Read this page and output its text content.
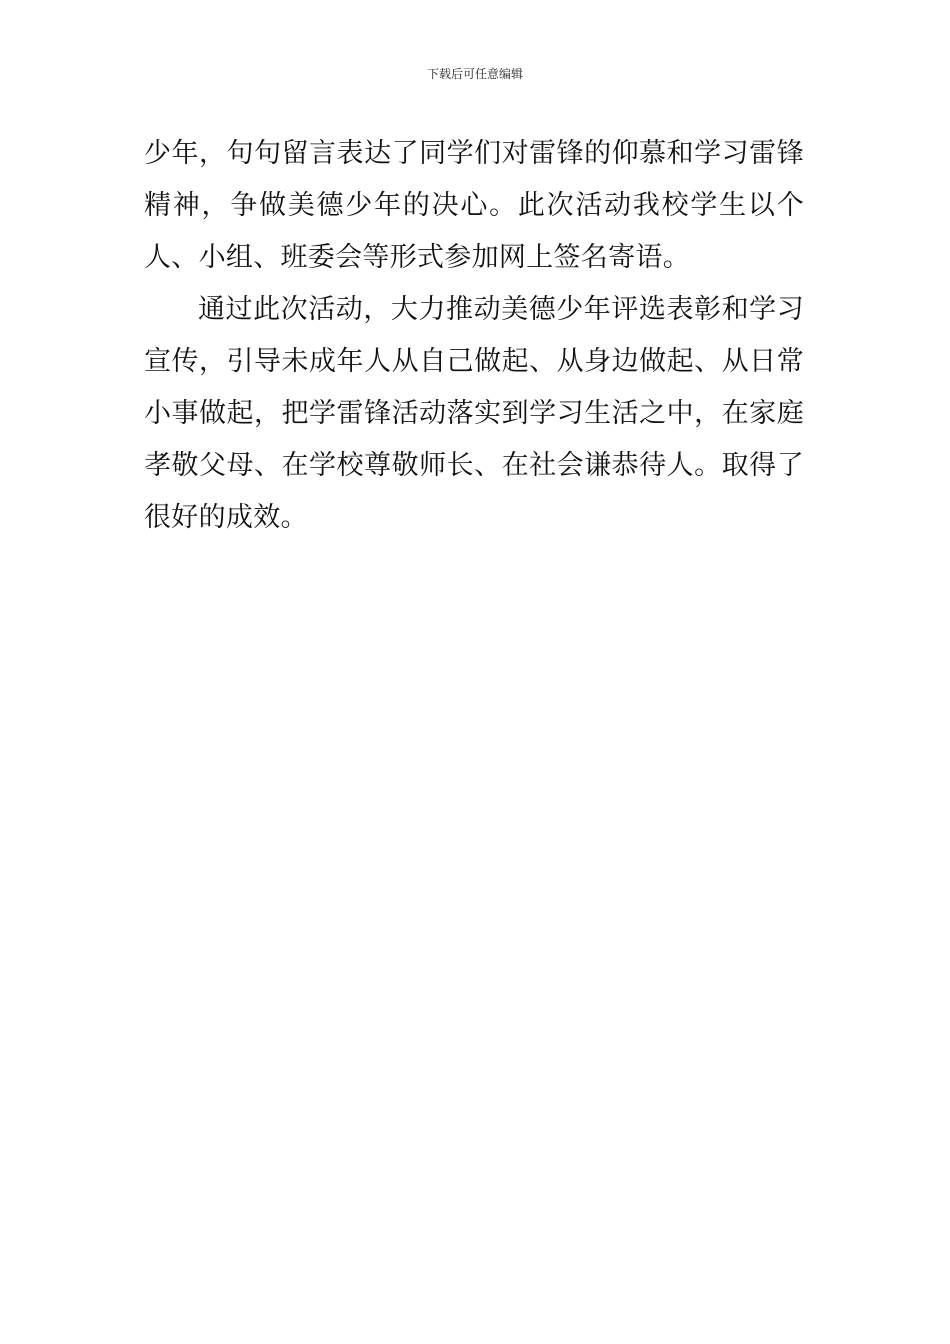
下载后可任意编辑

少年，句句留言表达了同学们对雷锋的仰慕和学习雷锋精神，争做美德少年的决心。此次活动我校学生以个人、小组、班委会等形式参加网上签名寄语。

通过此次活动，大力推动美德少年评选表彰和学习宣传，引导未成年人从自己做起、从身边做起、从日常小事做起，把学雷锋活动落实到学习生活之中，在家庭孝敬父母、在学校尊敬师长、在社会谦恭待人。取得了很好的成效。
